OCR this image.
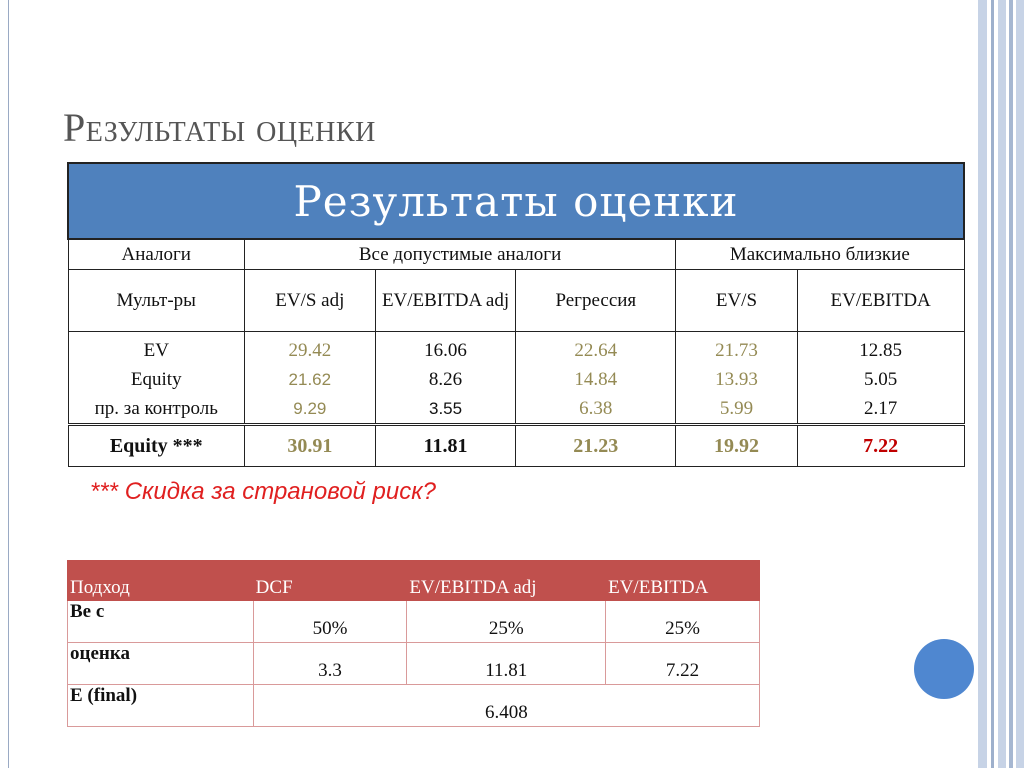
Результаты оценки
Результаты оценки					
Аналоги	Все допустимые аналоги			Максимально близкие	
Мульт-ры	EV/S adj	EV/EBITDA adj	Регрессия	EV/S	EV/EBITDA
EV	29.42	16.06	22.64	21.73	12.85
Equity	21.62	8.26	14.84	13.93	5.05
пр. за контроль	9.29	3.55	6.38	5.99	2.17
Equity ***	30.91	11.81	21.23	19.92	7.22
*** Скидка за страновой риск?
Подход	DCF	EV/EBITDA adj	EV/EBITDA
Ве с	50%	25%	25%
оценка	3.3	11.81	7.22
E (final)	6.408		
